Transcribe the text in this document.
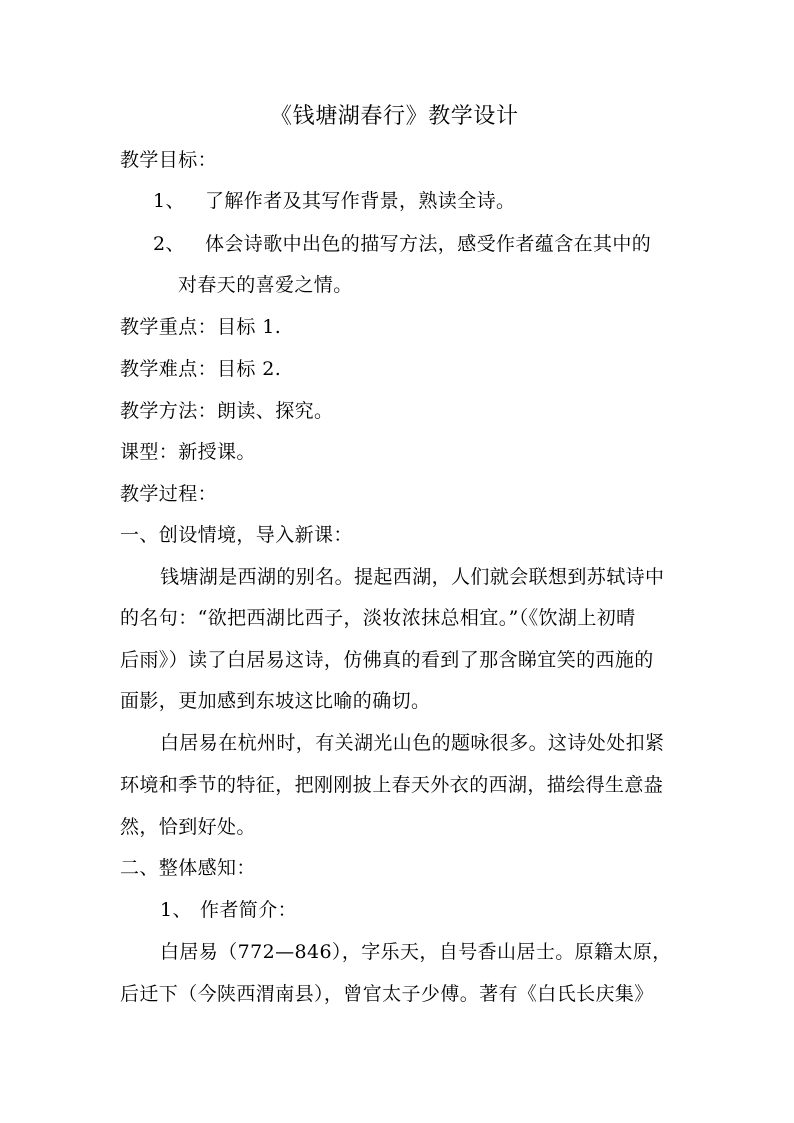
《钱塘湖春行》教学设计
教学目标：
1、 了解作者及其写作背景，熟读全诗。
2、 体会诗歌中出色的描写方法，感受作者蕴含在其中的
对春天的喜爱之情。
教学重点：目标 1.
教学难点：目标 2.
教学方法：朗读、探究。
课型：新授课。
教学过程：
一、创设情境，导入新课：
钱塘湖是西湖的别名。提起西湖，人们就会联想到苏轼诗中
的名句：“欲把西湖比西子，淡妆浓抹总相宜。”（《饮湖上初晴
后雨》）读了白居易这诗，仿佛真的看到了那含睇宜笑的西施的
面影，更加感到东坡这比喻的确切。
白居易在杭州时，有关湖光山色的题咏很多。这诗处处扣紧
环境和季节的特征，把刚刚披上春天外衣的西湖，描绘得生意盎
然，恰到好处。
二、整体感知：
1、 作者简介：
白居易（772—846），字乐天，自号香山居士。原籍太原，
后迁下（今陕西渭南县），曾官太子少傅。著有《白氏长庆集》
